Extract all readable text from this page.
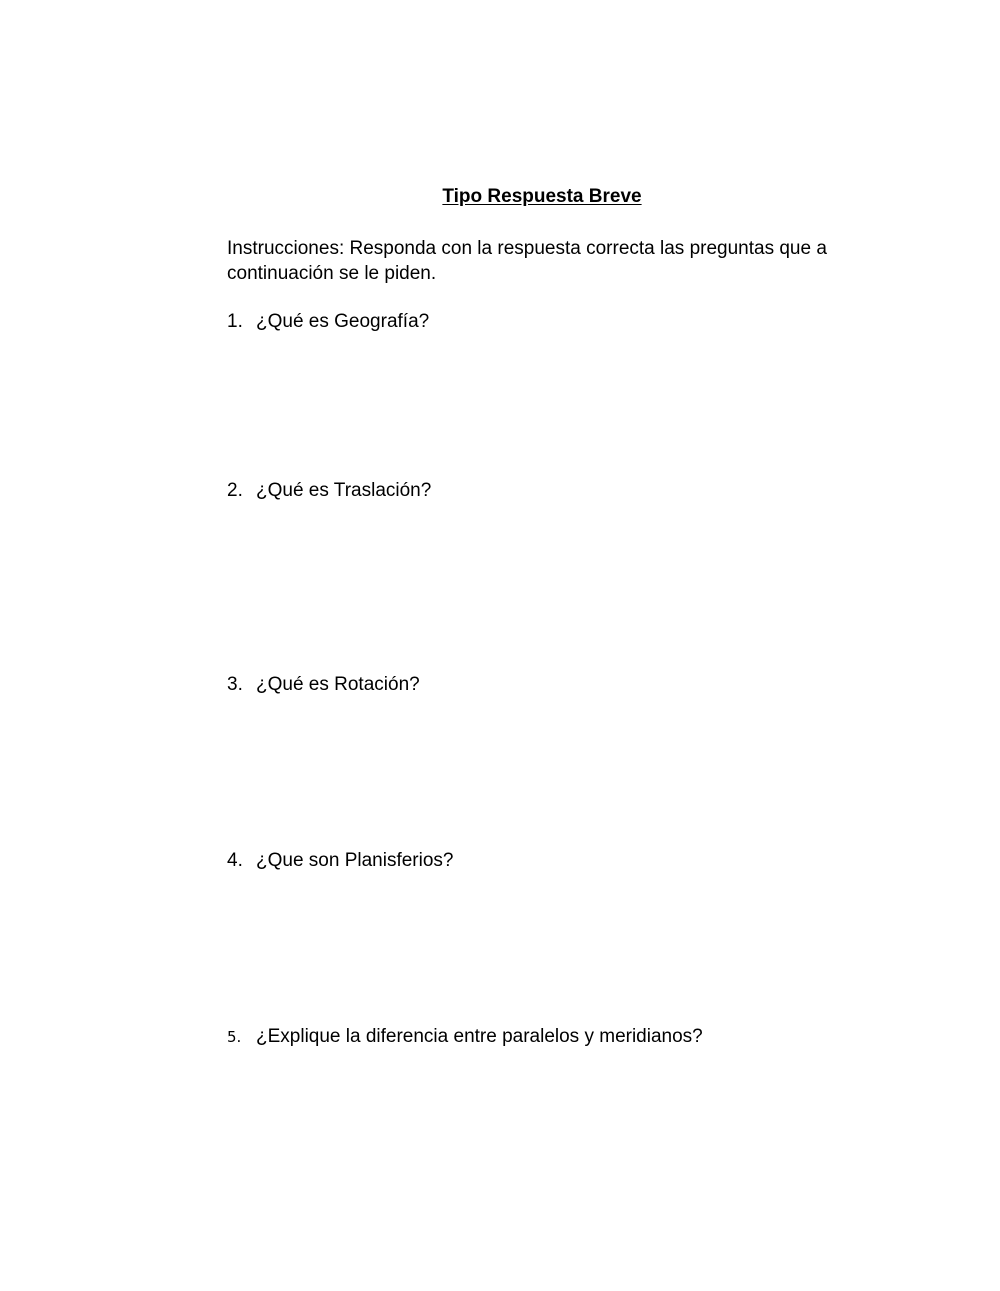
Tipo Respuesta Breve
Instrucciones: Responda con la respuesta correcta las preguntas que a continuación se le piden.
1. ¿Qué es Geografía?
2. ¿Qué es Traslación?
3. ¿Qué es Rotación?
4. ¿Que son Planisferios?
5. ¿Explique la diferencia entre paralelos y meridianos?
